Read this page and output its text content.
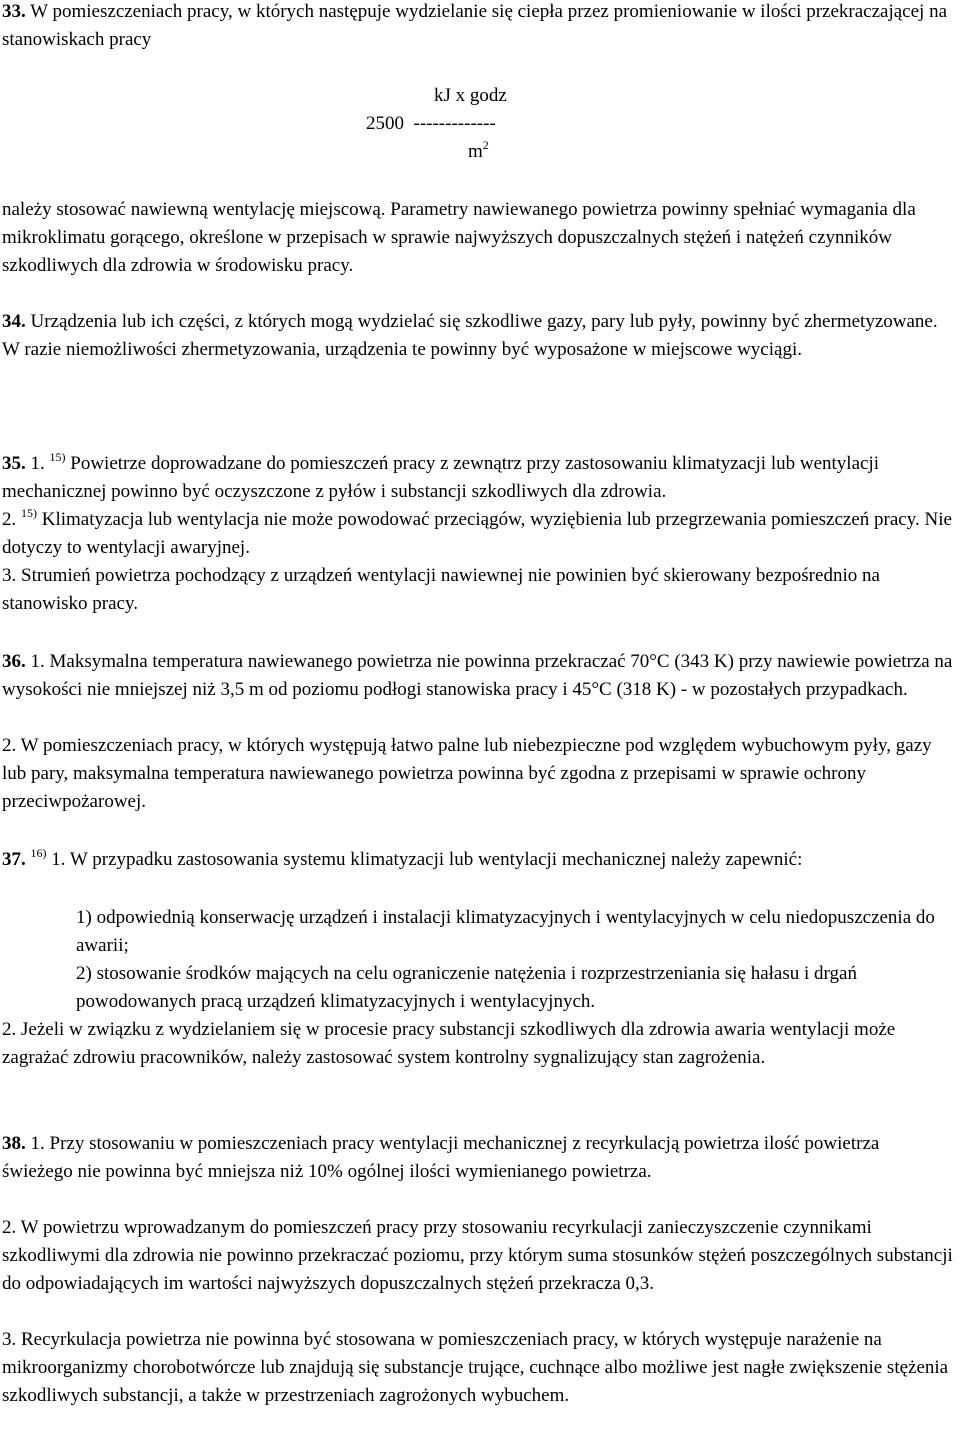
33. W pomieszczeniach pracy, w których następuje wydzielanie się ciepła przez promieniowanie w ilości przekraczającej na stanowiskach pracy

kJ x godz
2500 -------------
$m^2$

należy stosować nawiewną wentylację miejscową. Parametry nawiewanego powietrza powinny spełniać wymagania dla mikroklimatu gorącego, określone w przepisach w sprawie najwyższych dopuszczalnych stężeń i natężeń czynników szkodliwych dla zdrowia w środowisku pracy.

34. Urządzenia lub ich części, z których mogą wydzielać się szkodliwe gazy, pary lub pyły, powinny być zhermetyzowane. W razie niemożliwości zhermetyzowania, urządzenia te powinny być wyposażone w miejscowe wyciągi.

35. 1. $^{15)}$ Powietrze doprowadzane do pomieszczeń pracy z zewnątrz przy zastosowaniu klimatyzacji lub wentylacji mechanicznej powinno być oczyszczone z pyłów i substancji szkodliwych dla zdrowia.

2. $^{15)}$ Klimatyzacja lub wentylacja nie może powodować przeciągów, wyziębienia lub przegrzewania pomieszczeń pracy. Nie dotyczy to wentylacji awaryjnej.

3. Strumień powietrza pochodzący z urządzeń wentylacji nawiewnej nie powinien być skierowany bezpośrednio na stanowisko pracy.

36. 1. Maksymalna temperatura nawiewanego powietrza nie powinna przekraczać 70°C (343 K) przy nawiewie powietrza na wysokości nie mniejszej niż 3,5 m od poziomu podłogi stanowiska pracy i 45°C (318 K) - w pozostałych przypadkach.

2. W pomieszczeniach pracy, w których występują łatwo palne lub niebezpieczne pod względem wybuchowym pyły, gazy lub pary, maksymalna temperatura nawiewanego powietrza powinna być zgodna z przepisami w sprawie ochrony przeciwpożarowej.

37. $^{16)}$ 1. W przypadku zastosowania systemu klimatyzacji lub wentylacji mechanicznej należy zapewnić:

1) odpowiednią konserwację urządzeń i instalacji klimatyzacyjnych i wentylacyjnych w celu niedopuszczenia do awarii;

2) stosowanie środków mających na celu ograniczenie natężenia i rozprzestrzeniania się hałasu i drgań powodowanych pracą urządzeń klimatyzacyjnych i wentylacyjnych.

2. Jeżeli w związku z wydzielaniem się w procesie pracy substancji szkodliwych dla zdrowia awaria wentylacji może zagrażać zdrowiu pracowników, należy zastosować system kontrolny sygnalizujący stan zagrożenia.

38. 1. Przy stosowaniu w pomieszczeniach pracy wentylacji mechanicznej z recyrkulacją powietrza ilość powietrza świeżego nie powinna być mniejsza niż 10% ogólnej ilości wymienianego powietrza.

2. W powietrzu wprowadzanym do pomieszczeń pracy przy stosowaniu recyrkulacji zanieczyszczenie czynnikami szkodliwymi dla zdrowia nie powinno przekraczać poziomu, przy którym suma stosunków stężeń poszczególnych substancji do odpowiadających im wartości najwyższych dopuszczalnych stężeń przekracza 0,3.

3. Recyrkulacja powietrza nie powinna być stosowana w pomieszczeniach pracy, w których występuje narażenie na mikroorganizmy chorobotwórcze lub znajdują się substancje trujące, cuchnące albo możliwe jest nagłe zwiększenie stężenia szkodliwych substancji, a także w przestrzeniach zagrożonych wybuchem.
